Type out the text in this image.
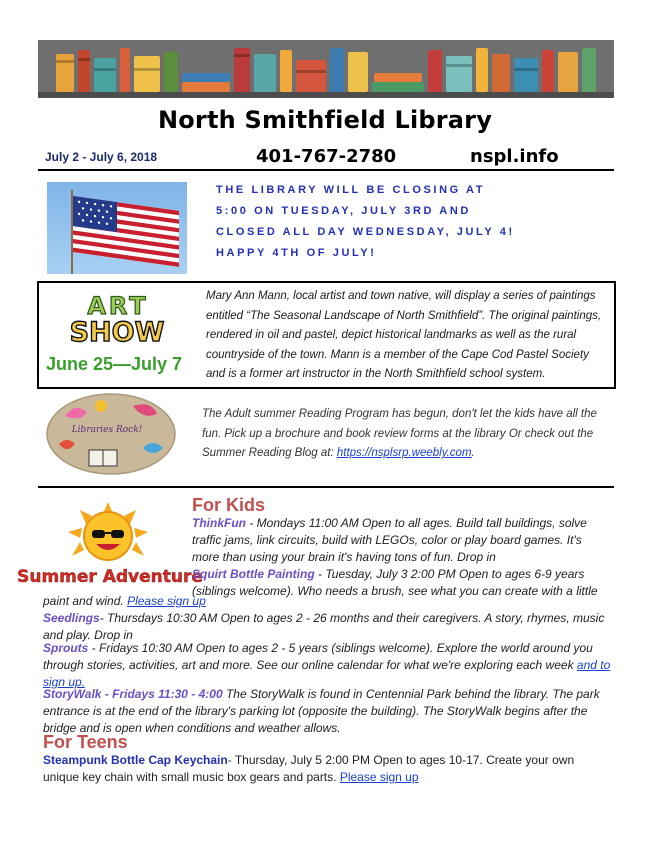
North Smithfield Library
July 2 - July 6, 2018	401-767-2780	nspl.info
THE LIBRARY WILL BE CLOSING AT
5:00 ON TUESDAY, JULY 3RD AND
CLOSED ALL DAY WEDNESDAY, JULY 4!
HAPPY 4TH OF JULY!
ART
SHOW
June 25—July 7
Mary Ann Mann, local artist and town native, will display a series of paintings entitled “The Seasonal Landscape of North Smithfield”. The original paintings, rendered in oil and pastel, depict historical landmarks as well as the rural countryside of the town. Mann is a member of the Cape Cod Pastel Society and is a former art instructor in the North Smithfield school system.
Libraries Rock!
The Adult summer Reading Program has begun, don't let the kids have all the fun. Pick up a brochure and book review forms at the library Or check out the Summer Reading Blog at: https://nsplsrp.weebly.com.
Summer Adventure
For Kids
ThinkFun - Mondays 11:00 AM Open to all ages. Build tall buildings, solve traffic jams, link circuits, build with LEGOs, color or play board games. It's more than using your brain it's having tons of fun. Drop in
Squirt Bottle Painting - Tuesday, July 3 2:00 PM Open to ages 6-9 years (siblings welcome). Who needs a brush, see what you can create with a little
paint and wind. Please sign up
Seedlings- Thursdays 10:30 AM Open to ages 2 - 26 months and their caregivers. A story, rhymes, music and play. Drop in
Sprouts - Fridays 10:30 AM Open to ages 2 - 5 years (siblings welcome). Explore the world around you through stories, activities, art and more. See our online calendar for what we're exploring each week and to sign up.
StoryWalk - Fridays 11:30 - 4:00 The StoryWalk is found in Centennial Park behind the library. The park entrance is at the end of the library's parking lot (opposite the building). The StoryWalk begins after the bridge and is open when conditions and weather allows.
For Teens
Steampunk Bottle Cap Keychain- Thursday, July 5 2:00 PM Open to ages 10-17. Create your own unique key chain with small music box gears and parts. Please sign up
